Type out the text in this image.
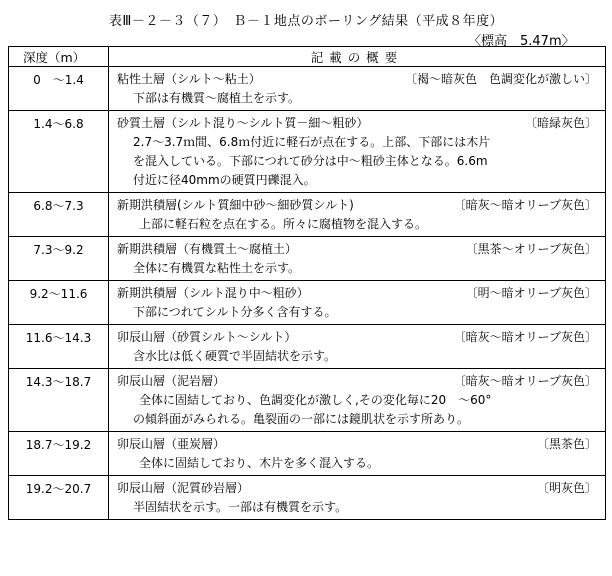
表Ⅲ－２－３（７）　Ｂ－１地点のボーリング結果（平成８年度）
〈標高　5.47m〉
深度（m）	記載の概要
0　～1.4	粘性土層（シルト～粘土） 〔褐～暗灰色　色調変化が激しい〕
下部は有機質～腐植土を示す。

1.4～6.8	砂質土層（シルト混り～シルト質－細～粗砂） 〔暗緑灰色〕
2.7～3.7ｍ間、6.8ｍ付近に軽石が点在する。上部、下部には木片
を混入している。下部につれて砂分は中～粗砂主体となる。6.6m
付近に径40mmの硬質円礫混入。

6.8～7.3	新期洪積層(シルト質細中砂～細砂質シルト) 〔暗灰～暗オリーブ灰色〕
上部に軽石粒を点在する。所々に腐植物を混入する。

7.3～9.2	新期洪積層（有機質土～腐植土） 〔黒茶～オリーブ灰色〕
全体に有機質な粘性土を示す。

9.2～11.6	新期洪積層（シルト混り中～粗砂） 〔明～暗オリーブ灰色〕
下部につれてシルト分多く含有する。

11.6～14.3	卯辰山層（砂質シルト～シルト） 〔暗灰～暗オリーブ灰色〕
含水比は低く硬質で半固結状を示す。

14.3～18.7	卯辰山層（泥岩層） 〔暗灰～暗オリーブ灰色〕
全体に固結しており、色調変化が激しく,その変化毎に20　～60°
の傾斜面がみられる。亀裂面の一部には鏡肌状を示す所あり。

18.7～19.2	卯辰山層（亜炭層） 〔黒茶色〕
全体に固結しており、木片を多く混入する。

19.2～20.7	卯辰山層（泥質砂岩層） 〔明灰色〕
半固結状を示す。一部は有機質を示す。
